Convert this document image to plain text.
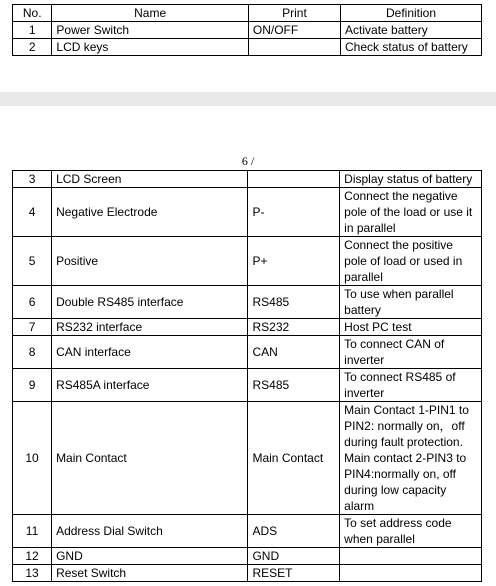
No.	Name	Print	Definition
1	Power Switch	ON/OFF	Activate battery
2	LCD keys		Check status of battery
6 /
3	LCD Screen		Display status of battery
4	Negative Electrode	P-	Connect the negative pole of the load or use it in parallel
5	Positive	P+	Connect the positive pole of load or used in parallel
6	Double RS485 interface	RS485	To use when parallel battery
7	RS232 interface	RS232	Host PC test
8	CAN interface	CAN	To connect CAN of inverter
9	RS485A interface	RS485	To connect RS485 of inverter
10	Main Contact	Main Contact	Main Contact 1-PIN1 to PIN2: normally on，off during fault protection. Main contact 2-PIN3 to PIN4:normally on, off during low capacity alarm
11	Address Dial Switch	ADS	To set address code when parallel
12	GND	GND	
13	Reset Switch	RESET	
